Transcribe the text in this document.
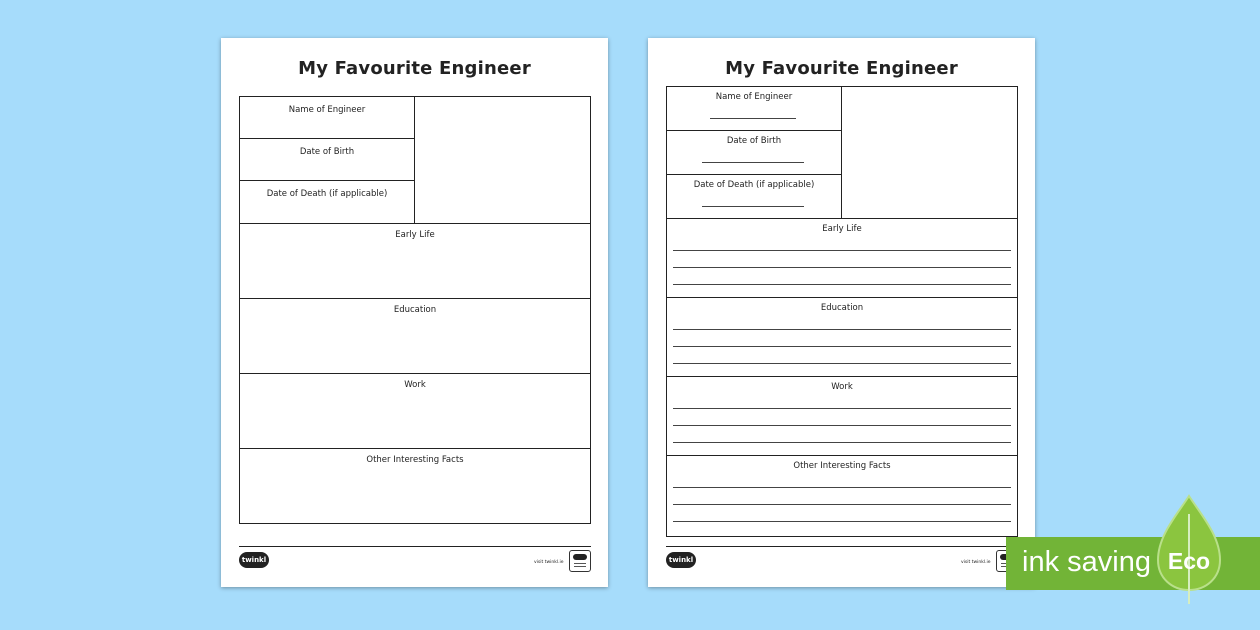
My Favourite Engineer
Name of Engineer
Date of Birth
Date of Death (if applicable)
Early Life
Education
Work
Other Interesting Facts
twinkl	visit twinkl.ie
My Favourite Engineer
Name of Engineer
Date of Birth
Date of Death (if applicable)
Early Life
Education
Work
Other Interesting Facts
twinkl	visit twinkl.ie ink saving Eco
